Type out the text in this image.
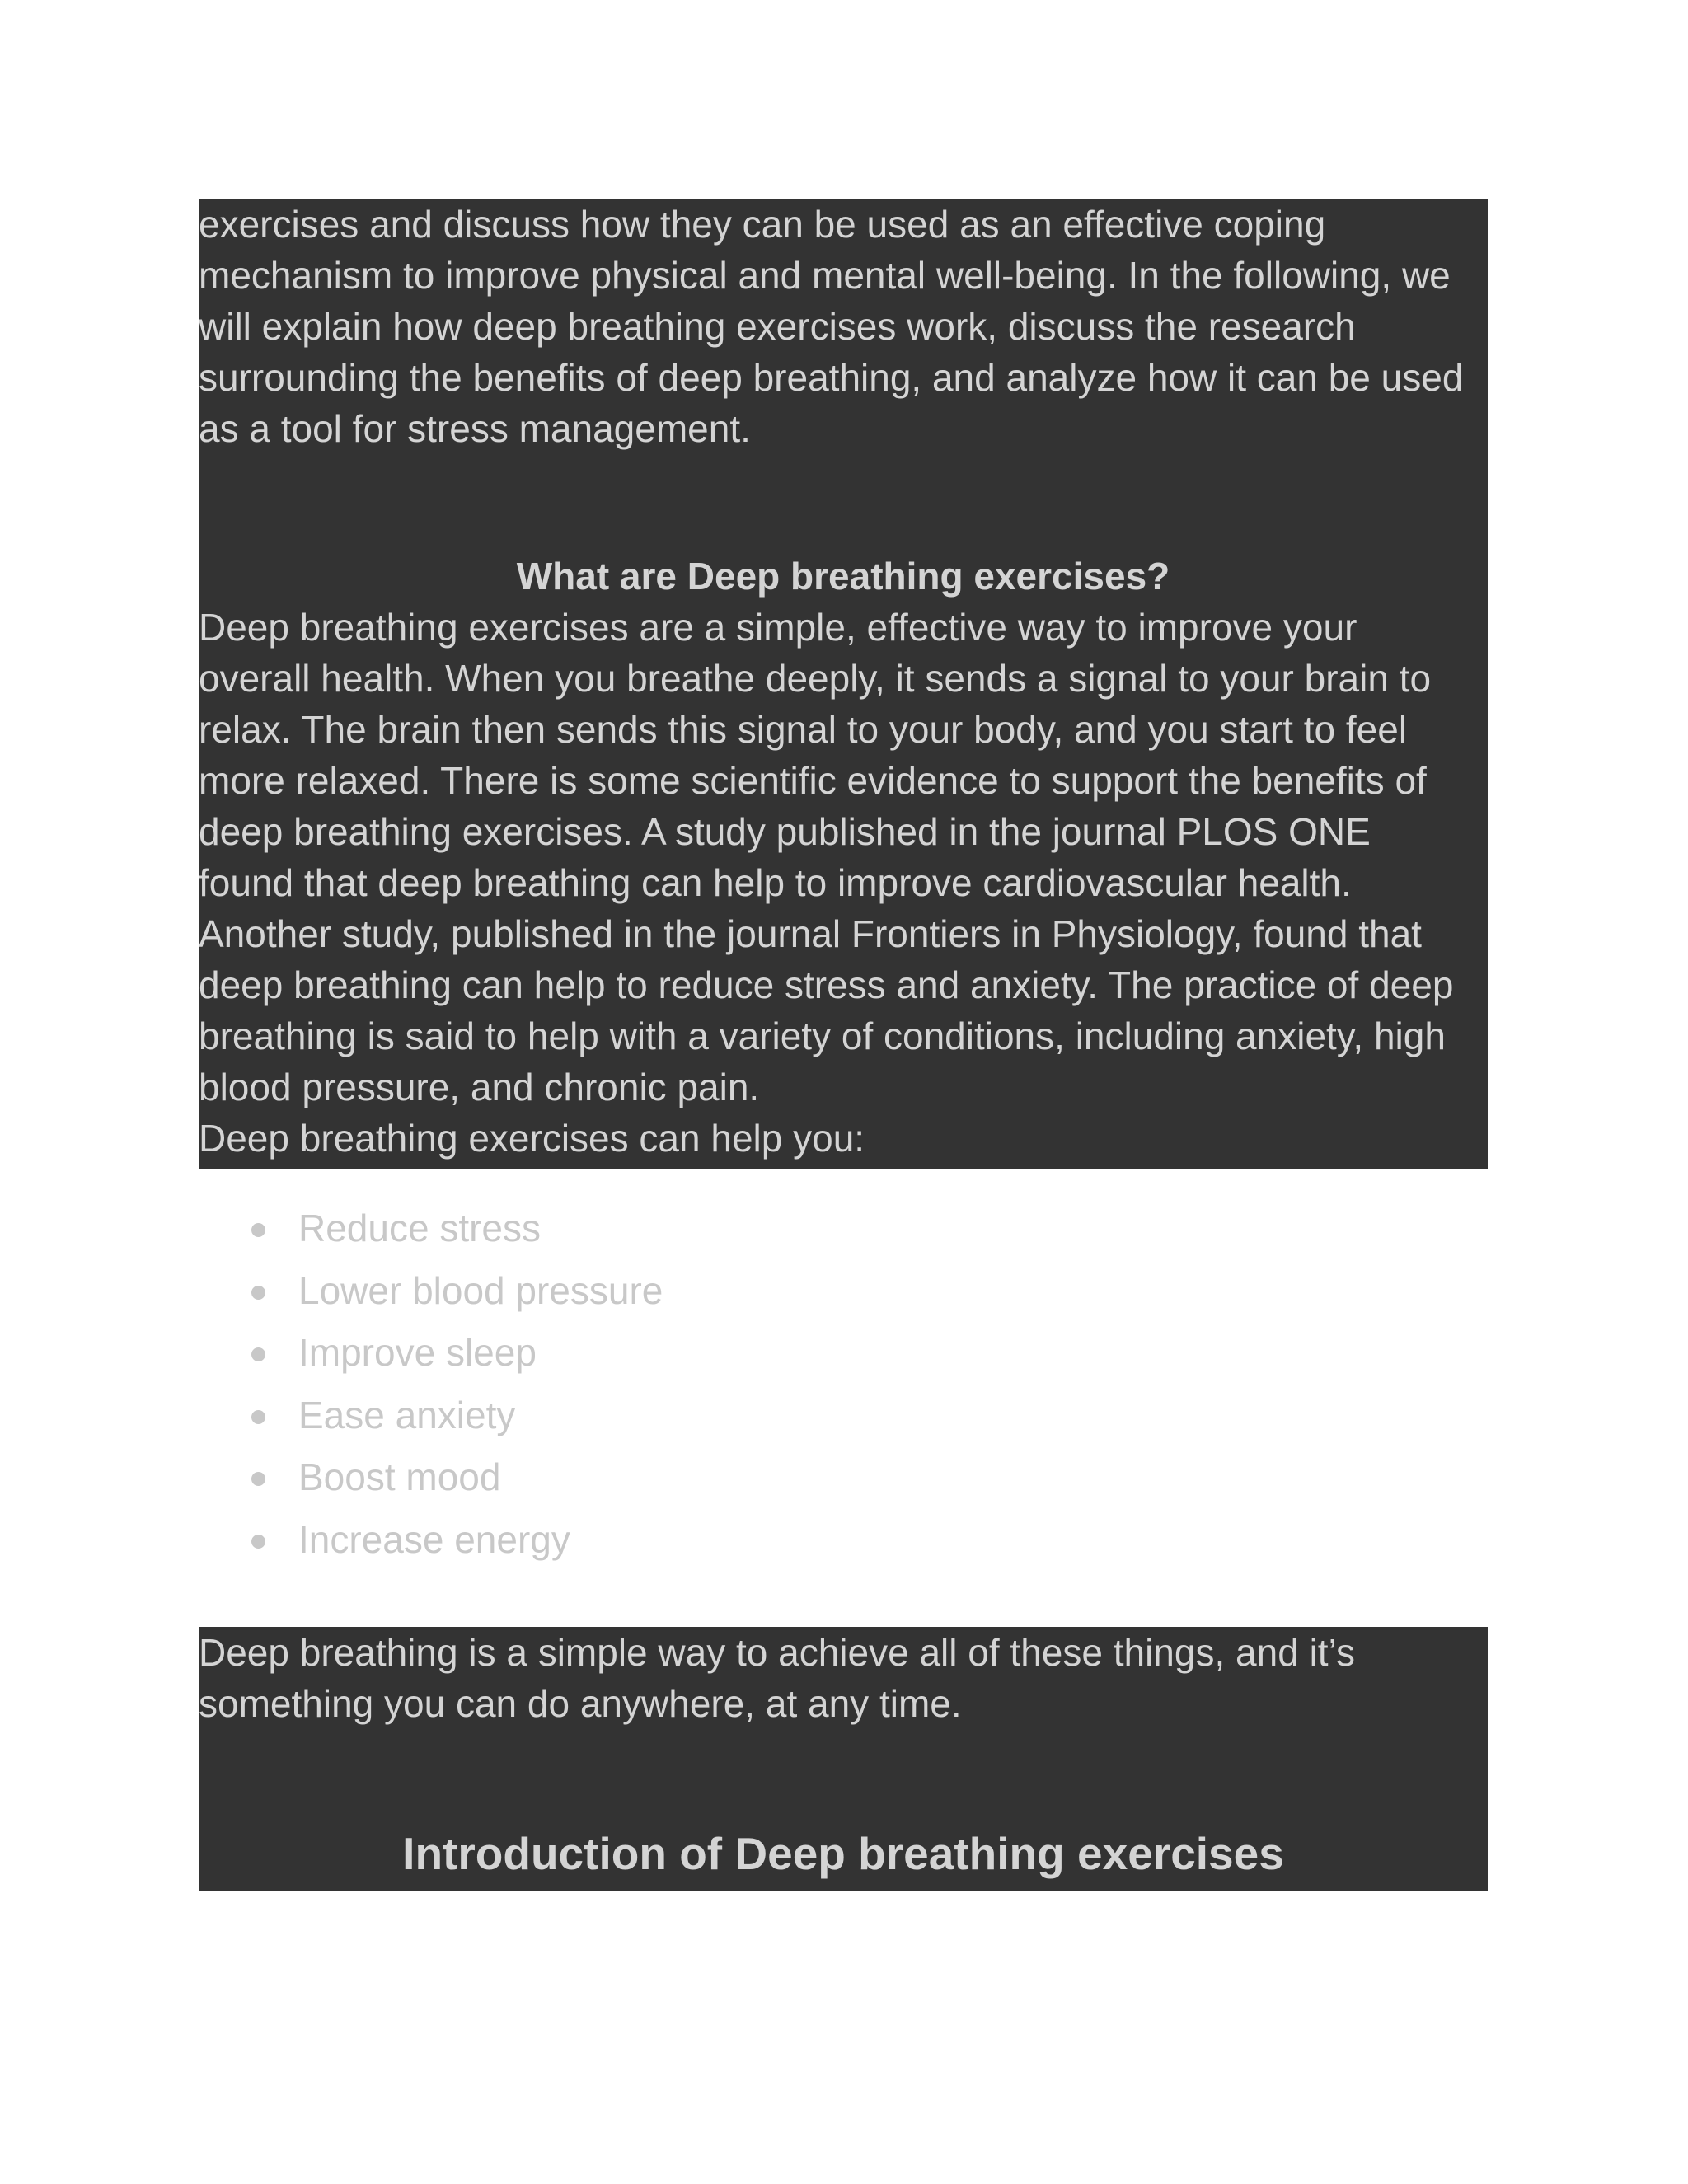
exercises and discuss how they can be used as an effective coping
mechanism to improve physical and mental well-being. In the following, we
will explain how deep breathing exercises work, discuss the research
surrounding the benefits of deep breathing, and analyze how it can be used
as a tool for stress management.

What are Deep breathing exercises?

Deep breathing exercises are a simple, effective way to improve your
overall health. When you breathe deeply, it sends a signal to your brain to
relax. The brain then sends this signal to your body, and you start to feel
more relaxed. There is some scientific evidence to support the benefits of
deep breathing exercises. A study published in the journal PLOS ONE
found that deep breathing can help to improve cardiovascular health.
Another study, published in the journal Frontiers in Physiology, found that
deep breathing can help to reduce stress and anxiety. The practice of deep
breathing is said to help with a variety of conditions, including anxiety, high
blood pressure, and chronic pain.
Deep breathing exercises can help you:

Reduce stress
Lower blood pressure
Improve sleep
Ease anxiety
Boost mood
Increase energy

Deep breathing is a simple way to achieve all of these things, and it’s
something you can do anywhere, at any time.

Introduction of Deep breathing exercises
